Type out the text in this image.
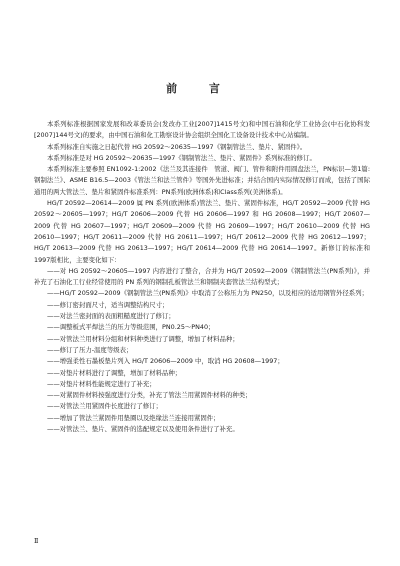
前 言

本系列标准根据国家发展和改革委员会(发改办工业[2007]1415号文)和中国石油和化学工业协会(中石化协科发[2007]144号文)的要求，由中国石油和化工勘察设计协会组织全国化工设备设计技术中心站编制。

本系列标准自实施之日起代替 HG 20592～20635—1997《钢制管法兰、垫片、紧固件》。

本系列标准是对 HG 20592～20635—1997《钢制管法兰、垫片、紧固件》系列标准的修订。

本系列标准主要参照 EN1092-1:2002《法兰及其连接件　管道、阀门、管件和附件用圆盘法兰，PN标识—第1篇:钢制法兰》、ASME B16.5—2003《管法兰和法兰管件》等国外先进标准；并结合国内实际情况修订而成，包括了国际通用的两大管法兰、垫片和紧固件标准系列：PN系列(欧洲体系)和Class系列(美洲体系)。

HG/T 20592—20614—2009 属 PN 系列(欧洲体系)管法兰、垫片、紧固件标准，HG/T 20592—2009 代替 HG 20592～20605—1997；HG/T 20606—2009 代替 HG 20606—1997 和 HG 20608—1997；HG/T 20607—2009 代替 HG 20607—1997；HG/T 20609—2009 代替 HG 20609—1997；HG/T 20610—2009 代替 HG 20610—1997；HG/T 20611—2009 代替 HG 20611—1997；HG/T 20612—2009 代替 HG 20612—1997；HG/T 20613—2009 代替 HG 20613—1997；HG/T 20614—2009 代替 HG 20614—1997。新修订的标准和1997版相比，主要变化如下：

——对 HG 20592～20605—1997 内容进行了整合，合并为 HG/T 20592—2009《钢制管法兰(PN系列)》，并补充了石油化工行业经常使用的 PN 系列的钢制孔板管法兰和钢制夹套管法兰结构型式；

——HG/T 20592—2009《钢制管法兰(PN系列)》中取消了公称压力为 PN250，以及相应的适用钢管外径系列；

——修订密封面尺寸，适当调整结构尺寸；

——对法兰密封面的表面粗糙度进行了修订；

——调整板式平焊法兰的压力等级范围，PN0.25～PN40；

——对管法兰用材料分组和材料种类进行了调整，增加了材料品种；

——修订了压力-温度等级表；

——增强柔性石墨板垫片列入 HG/T 20606—2009 中，取消 HG 20608—1997；

——对垫片材料进行了调整，增加了材料品种；

——对垫片材料性能规定进行了补充；

——对紧固件材料按强度进行分类，补充了管法兰用紧固件材料的种类；

——对管法兰用紧固件长度进行了修订；

——增加了管法兰紧固件用垫圈以及绝缘法兰连接用紧固件；

——对管法兰、垫片、紧固件的选配规定以及使用条件进行了补充。

Ⅱ
